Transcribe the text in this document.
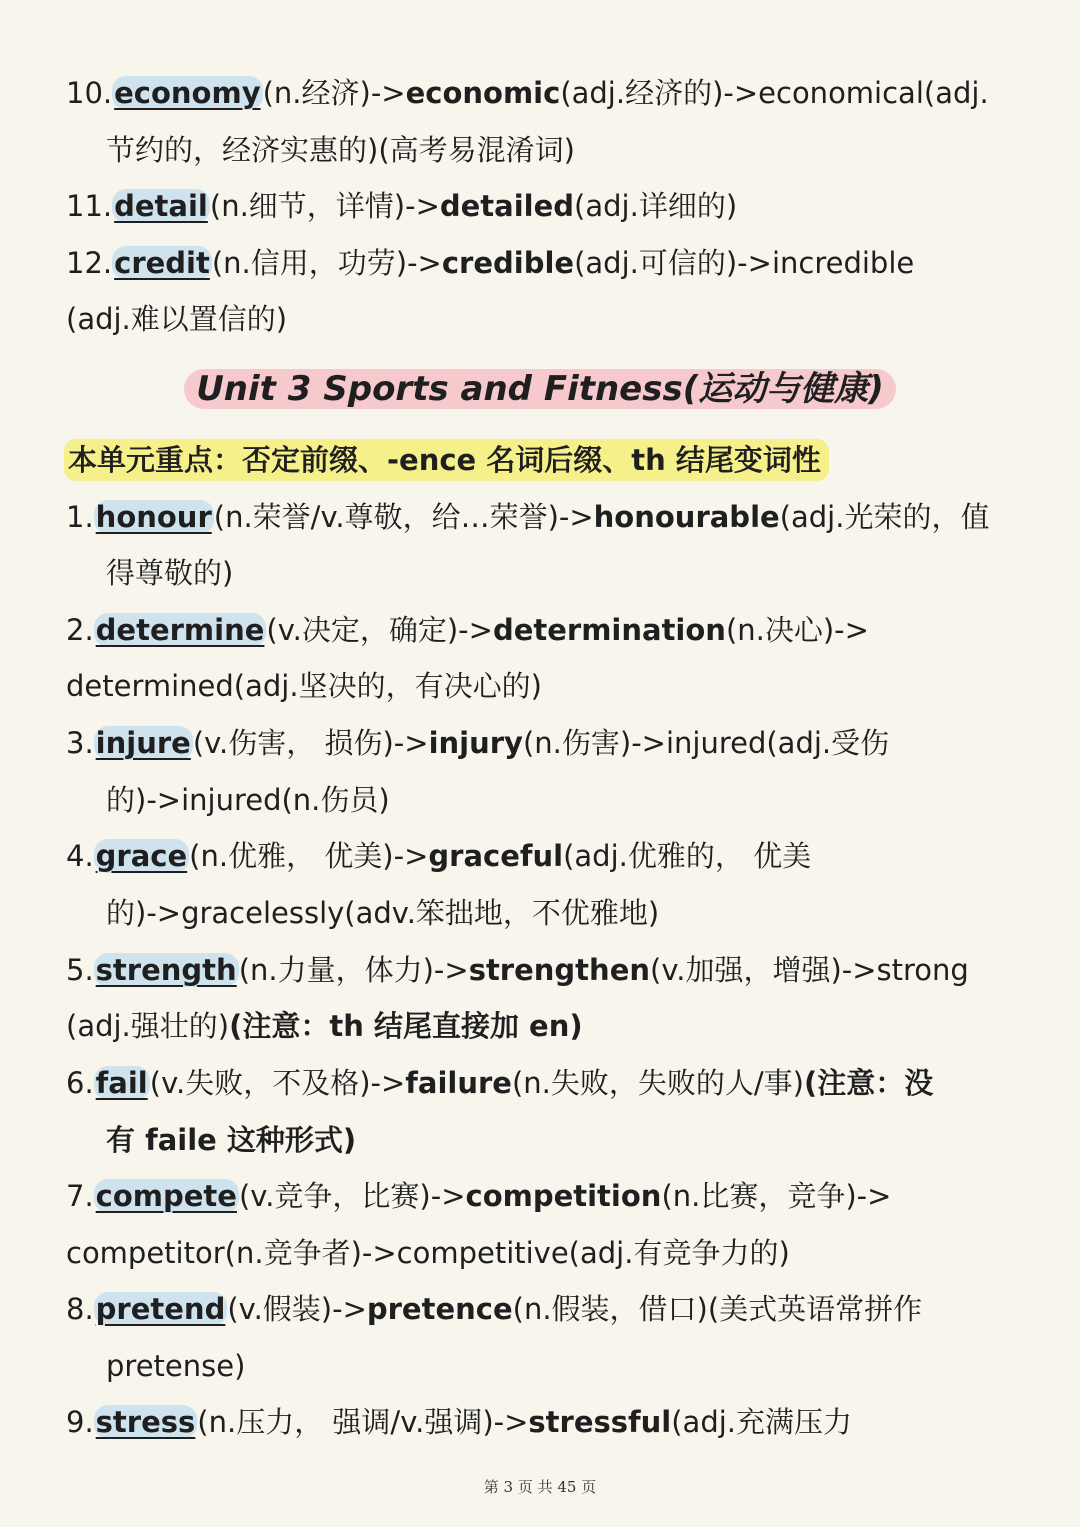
10.economy(n.经济)->economic(adj.经济的)->economical(adj.
节约的，经济实惠的)(高考易混淆词)
11.detail(n.细节，详情)->detailed(adj.详细的)
12.credit(n.信用，功劳)->credible(adj.可信的)->incredible
(adj.难以置信的)
Unit 3 Sports and Fitness(运动与健康)
本单元重点：否定前缀、-ence 名词后缀、th 结尾变词性
1.honour(n.荣誉/v.尊敬，给…荣誉)->honourable(adj.光荣的，值
得尊敬的)
2.determine(v.决定，确定)->determination(n.决心)->
determined(adj.坚决的，有决心的)
3.injure(v.伤害， 损伤)->injury(n.伤害)->injured(adj.受伤
的)->injured(n.伤员)
4.grace(n.优雅， 优美)->graceful(adj.优雅的， 优美
的)->gracelessly(adv.笨拙地，不优雅地)
5.strength(n.力量，体力)->strengthen(v.加强，增强)->strong
(adj.强壮的)(注意：th 结尾直接加 en)
6.fail(v.失败，不及格)->failure(n.失败，失败的人/事)(注意：没
有 faile 这种形式)
7.compete(v.竞争，比赛)->competition(n.比赛，竞争)->
competitor(n.竞争者)->competitive(adj.有竞争力的)
8.pretend(v.假装)->pretence(n.假装，借口)(美式英语常拼作
pretense)
9.stress(n.压力， 强调/v.强调)->stressful(adj.充满压力
第 3 页 共 45 页
